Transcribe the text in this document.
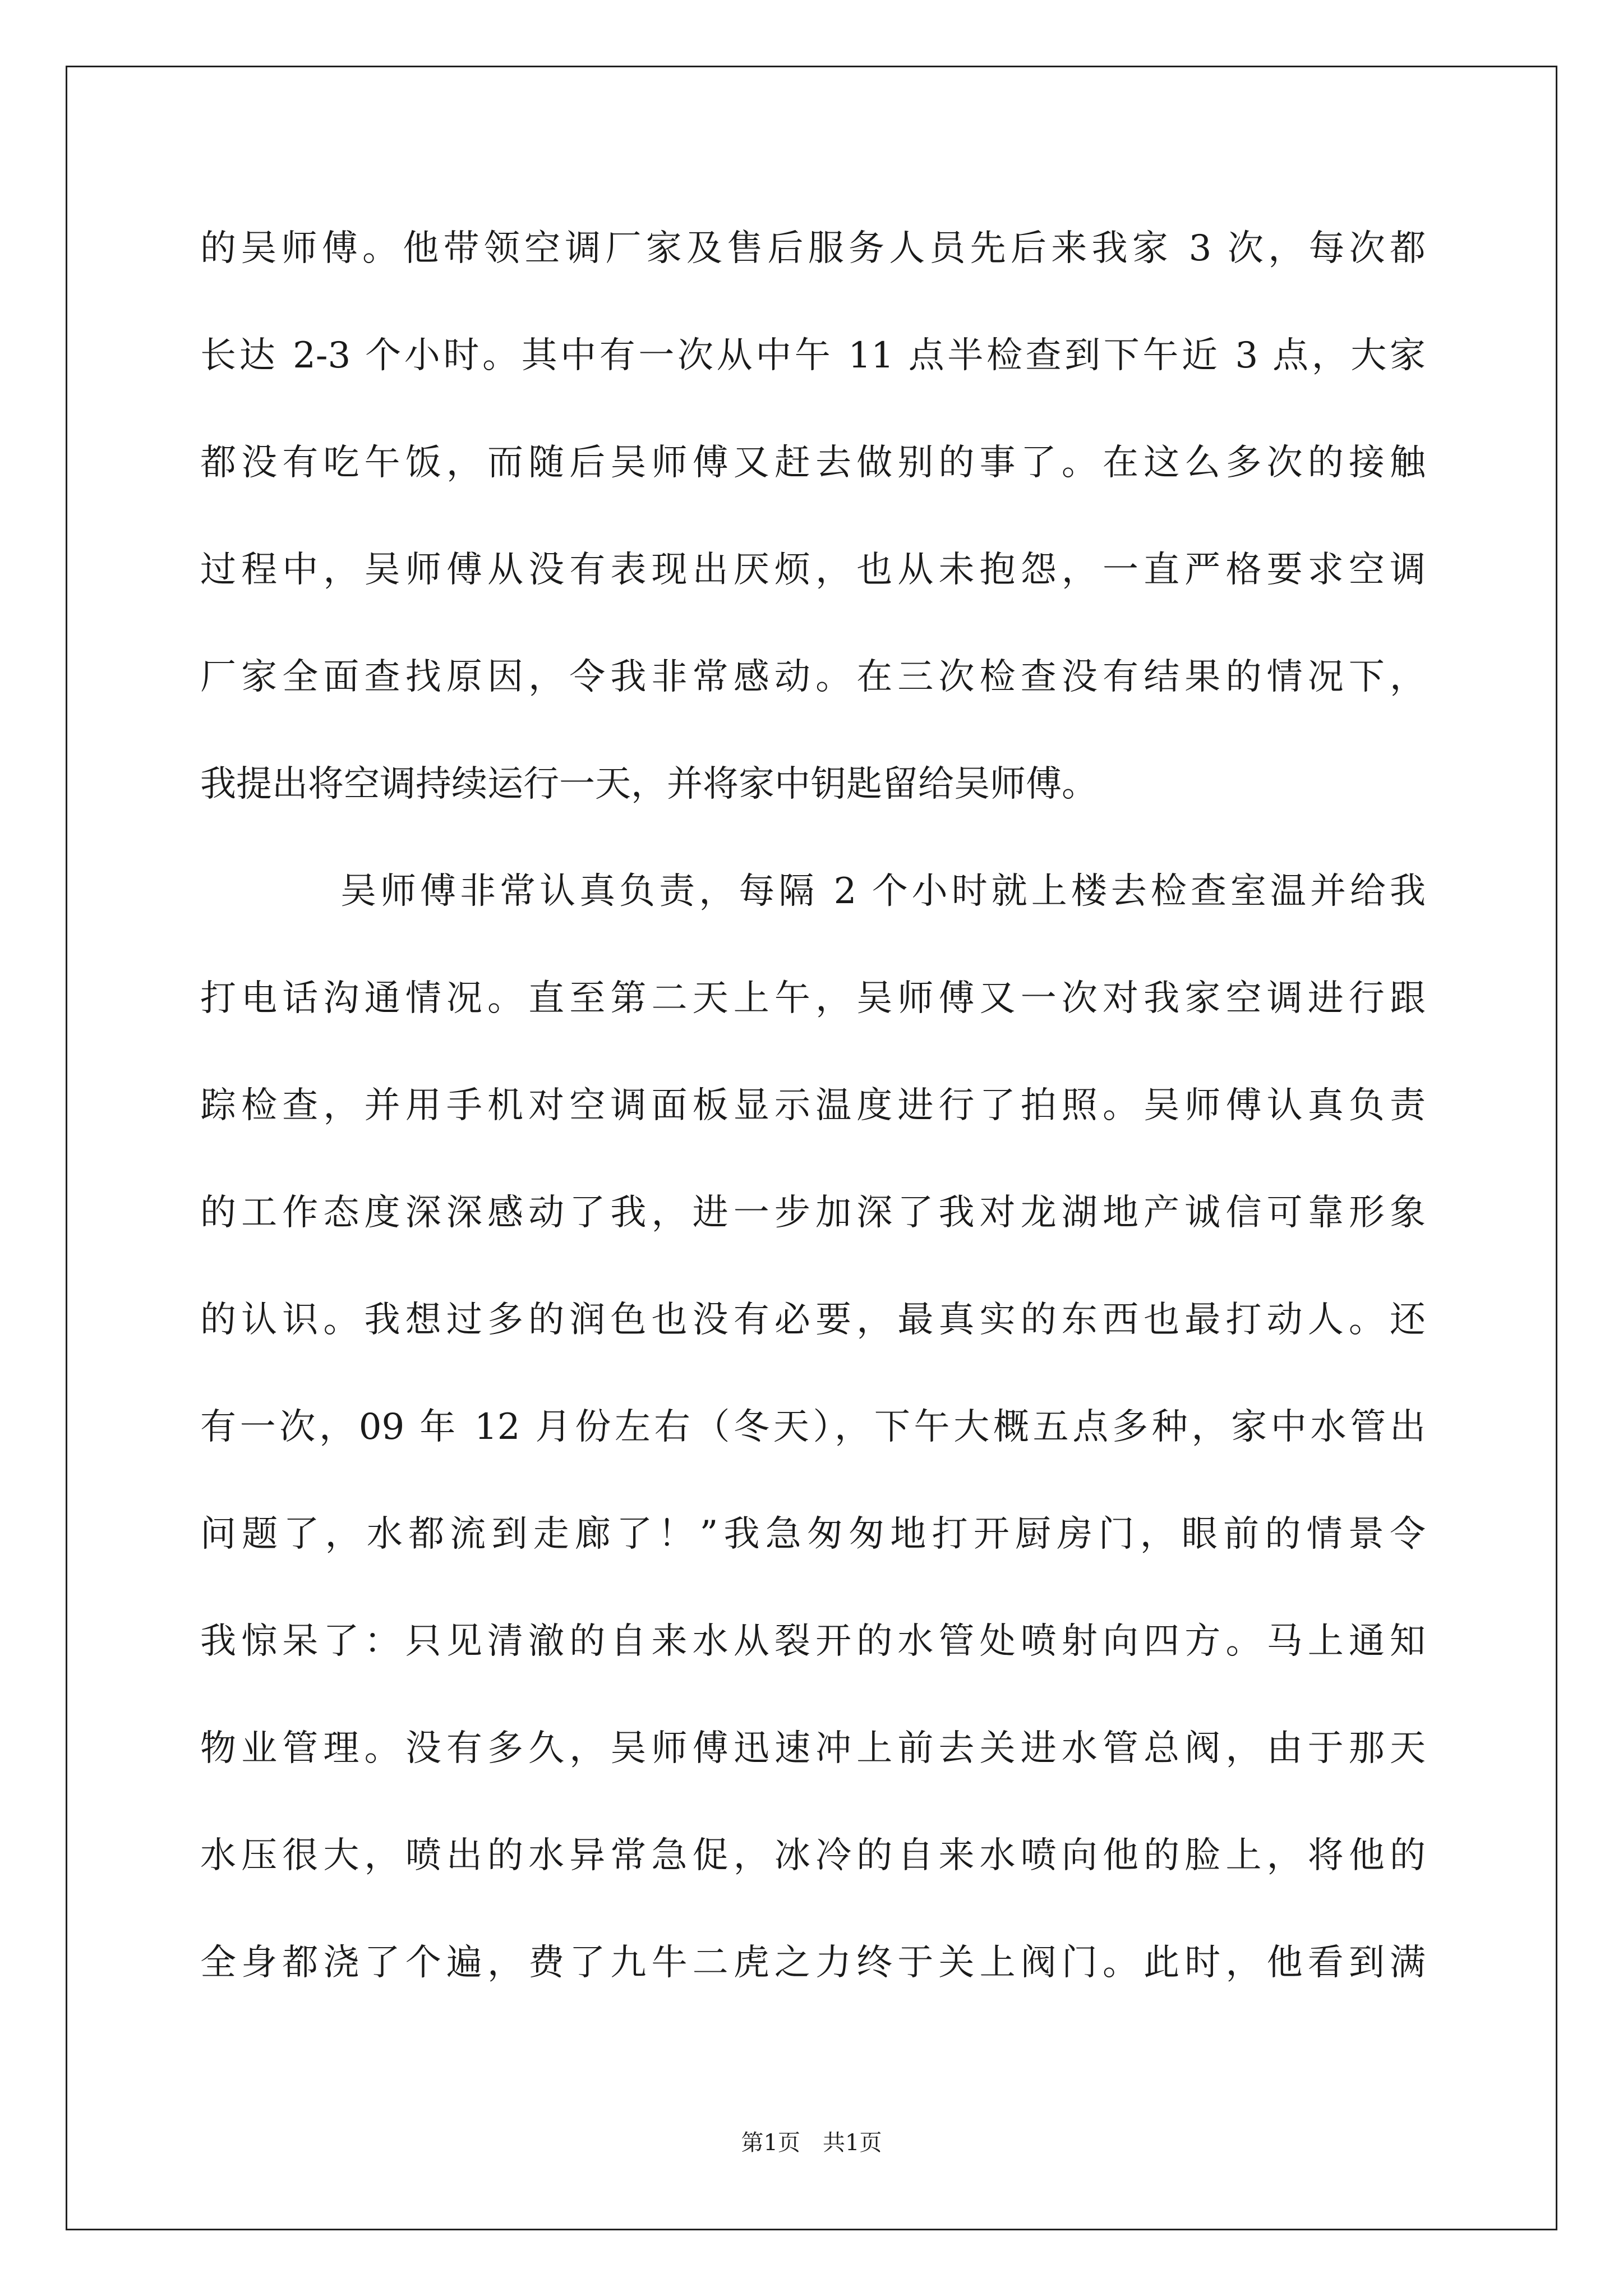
的吴师傅。他带领空调厂家及售后服务人员先后来我家 3 次，每次都
长达 2-3 个小时。其中有一次从中午 11 点半检查到下午近 3 点，大家
都没有吃午饭，而随后吴师傅又赶去做别的事了。在这么多次的接触
过程中，吴师傅从没有表现出厌烦，也从未抱怨，一直严格要求空调
厂家全面查找原因，令我非常感动。在三次检查没有结果的情况下，
我提出将空调持续运行一天，并将家中钥匙留给吴师傅。
吴师傅非常认真负责，每隔 2 个小时就上楼去检查室温并给我
打电话沟通情况。直至第二天上午，吴师傅又一次对我家空调进行跟
踪检查，并用手机对空调面板显示温度进行了拍照。吴师傅认真负责
的工作态度深深感动了我，进一步加深了我对龙湖地产诚信可靠形象
的认识。我想过多的润色也没有必要，最真实的东西也最打动人。还
有一次，09 年 12 月份左右（冬天），下午大概五点多种，家中水管出
问题了，水都流到走廊了！”我急匆匆地打开厨房门，眼前的情景令
我惊呆了：只见清澈的自来水从裂开的水管处喷射向四方。马上通知
物业管理。没有多久，吴师傅迅速冲上前去关进水管总阀，由于那天
水压很大，喷出的水异常急促，冰冷的自来水喷向他的脸上，将他的
全身都浇了个遍，费了九牛二虎之力终于关上阀门。此时，他看到满
第1页　共1页
